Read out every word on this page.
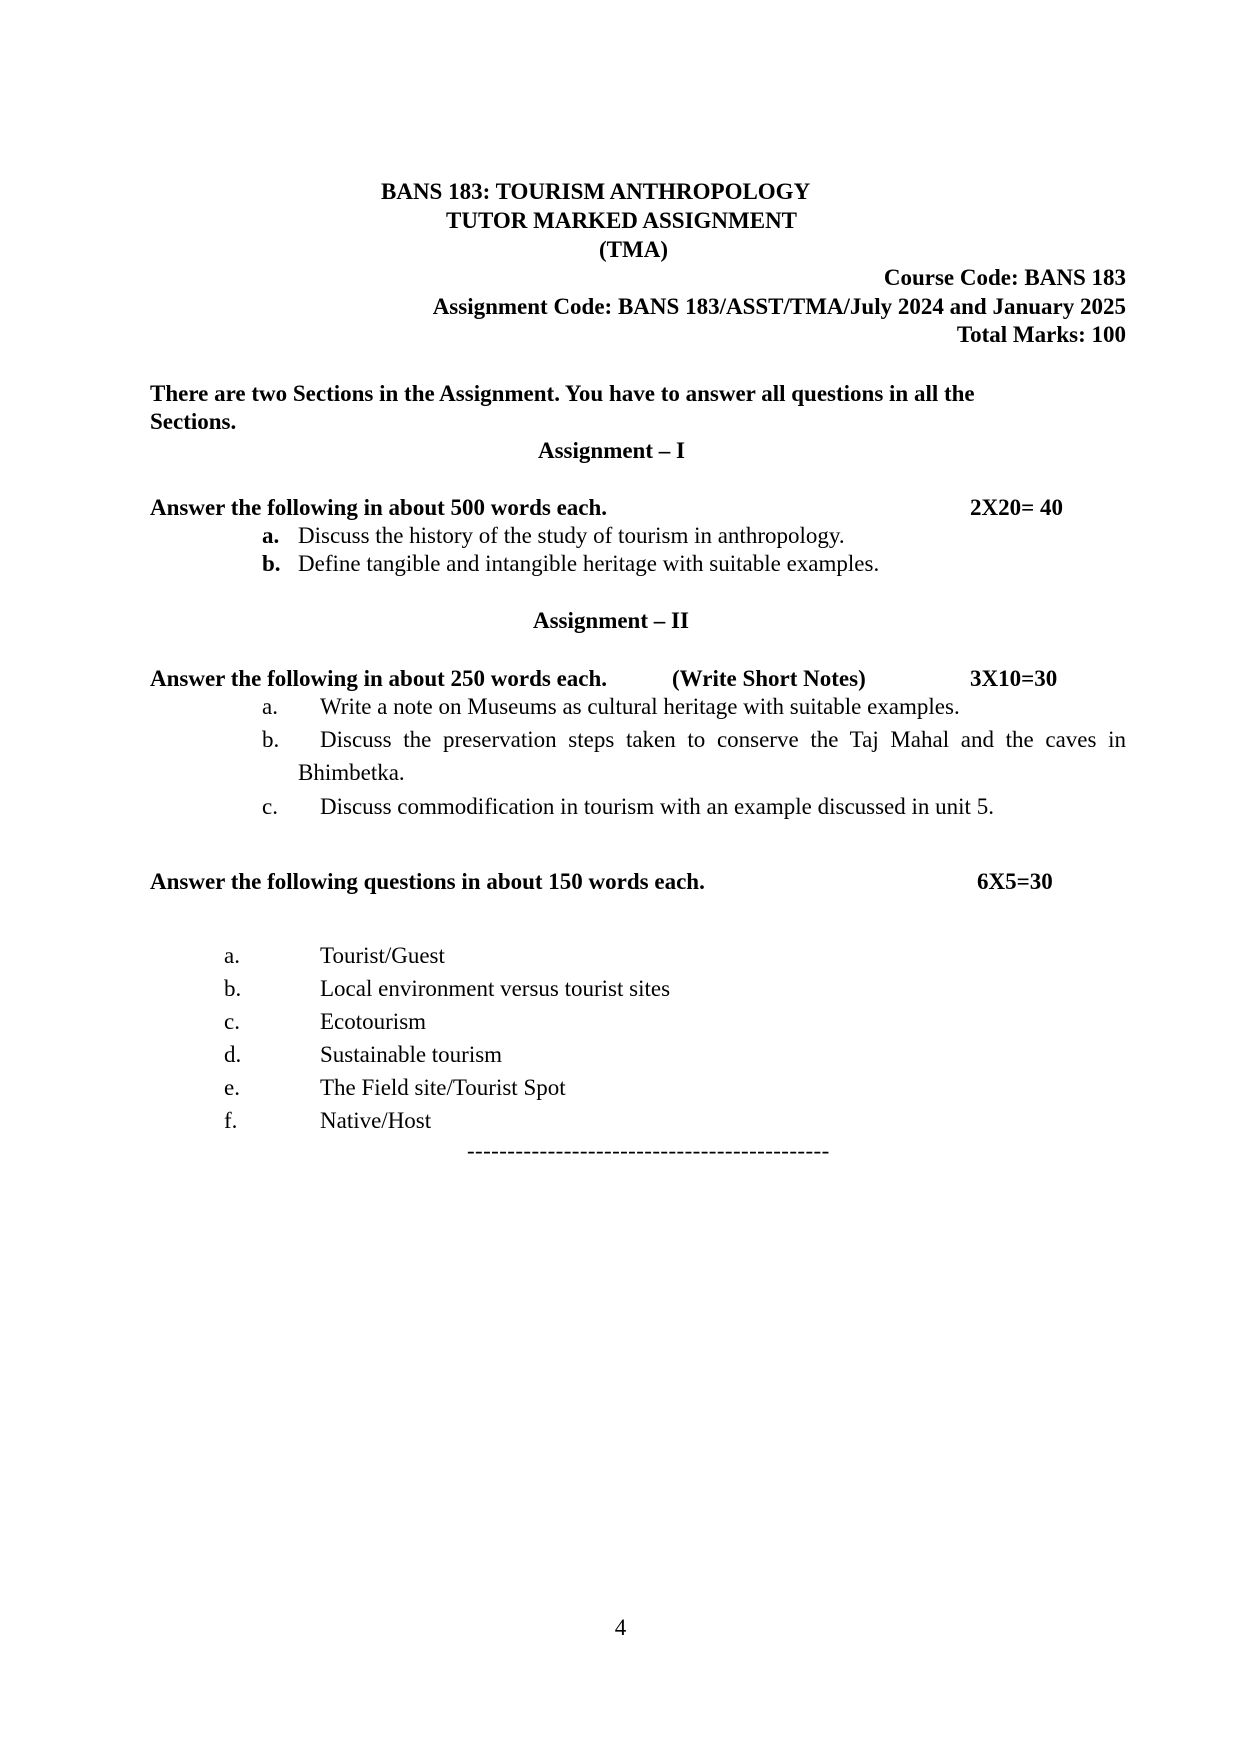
BANS 183: TOURISM ANTHROPOLOGY
TUTOR MARKED ASSIGNMENT
(TMA)
Course Code: BANS 183
Assignment Code: BANS 183/ASST/TMA/July 2024 and January 2025
Total Marks: 100
There are two Sections in the Assignment. You have to answer all questions in all the
Sections.
Assignment – I
Answer the following in about 500 words each.	2X20= 40
a. Discuss the history of the study of tourism in anthropology.
b. Define tangible and intangible heritage with suitable examples.
Assignment – II
Answer the following in about 250 words each.	(Write Short Notes)	3X10=30
a. Write a note on Museums as cultural heritage with suitable examples.
b. Discuss the preservation steps taken to conserve the Taj Mahal and the caves in
Bhimbetka.
c. Discuss commodification in tourism with an example discussed in unit 5.
Answer the following questions in about 150 words each.	6X5=30
a.	Tourist/Guest
b.	Local environment versus tourist sites
c.	Ecotourism
d.	Sustainable tourism
e.	The Field site/Tourist Spot
f.	Native/Host
---------------------------------------------
4
